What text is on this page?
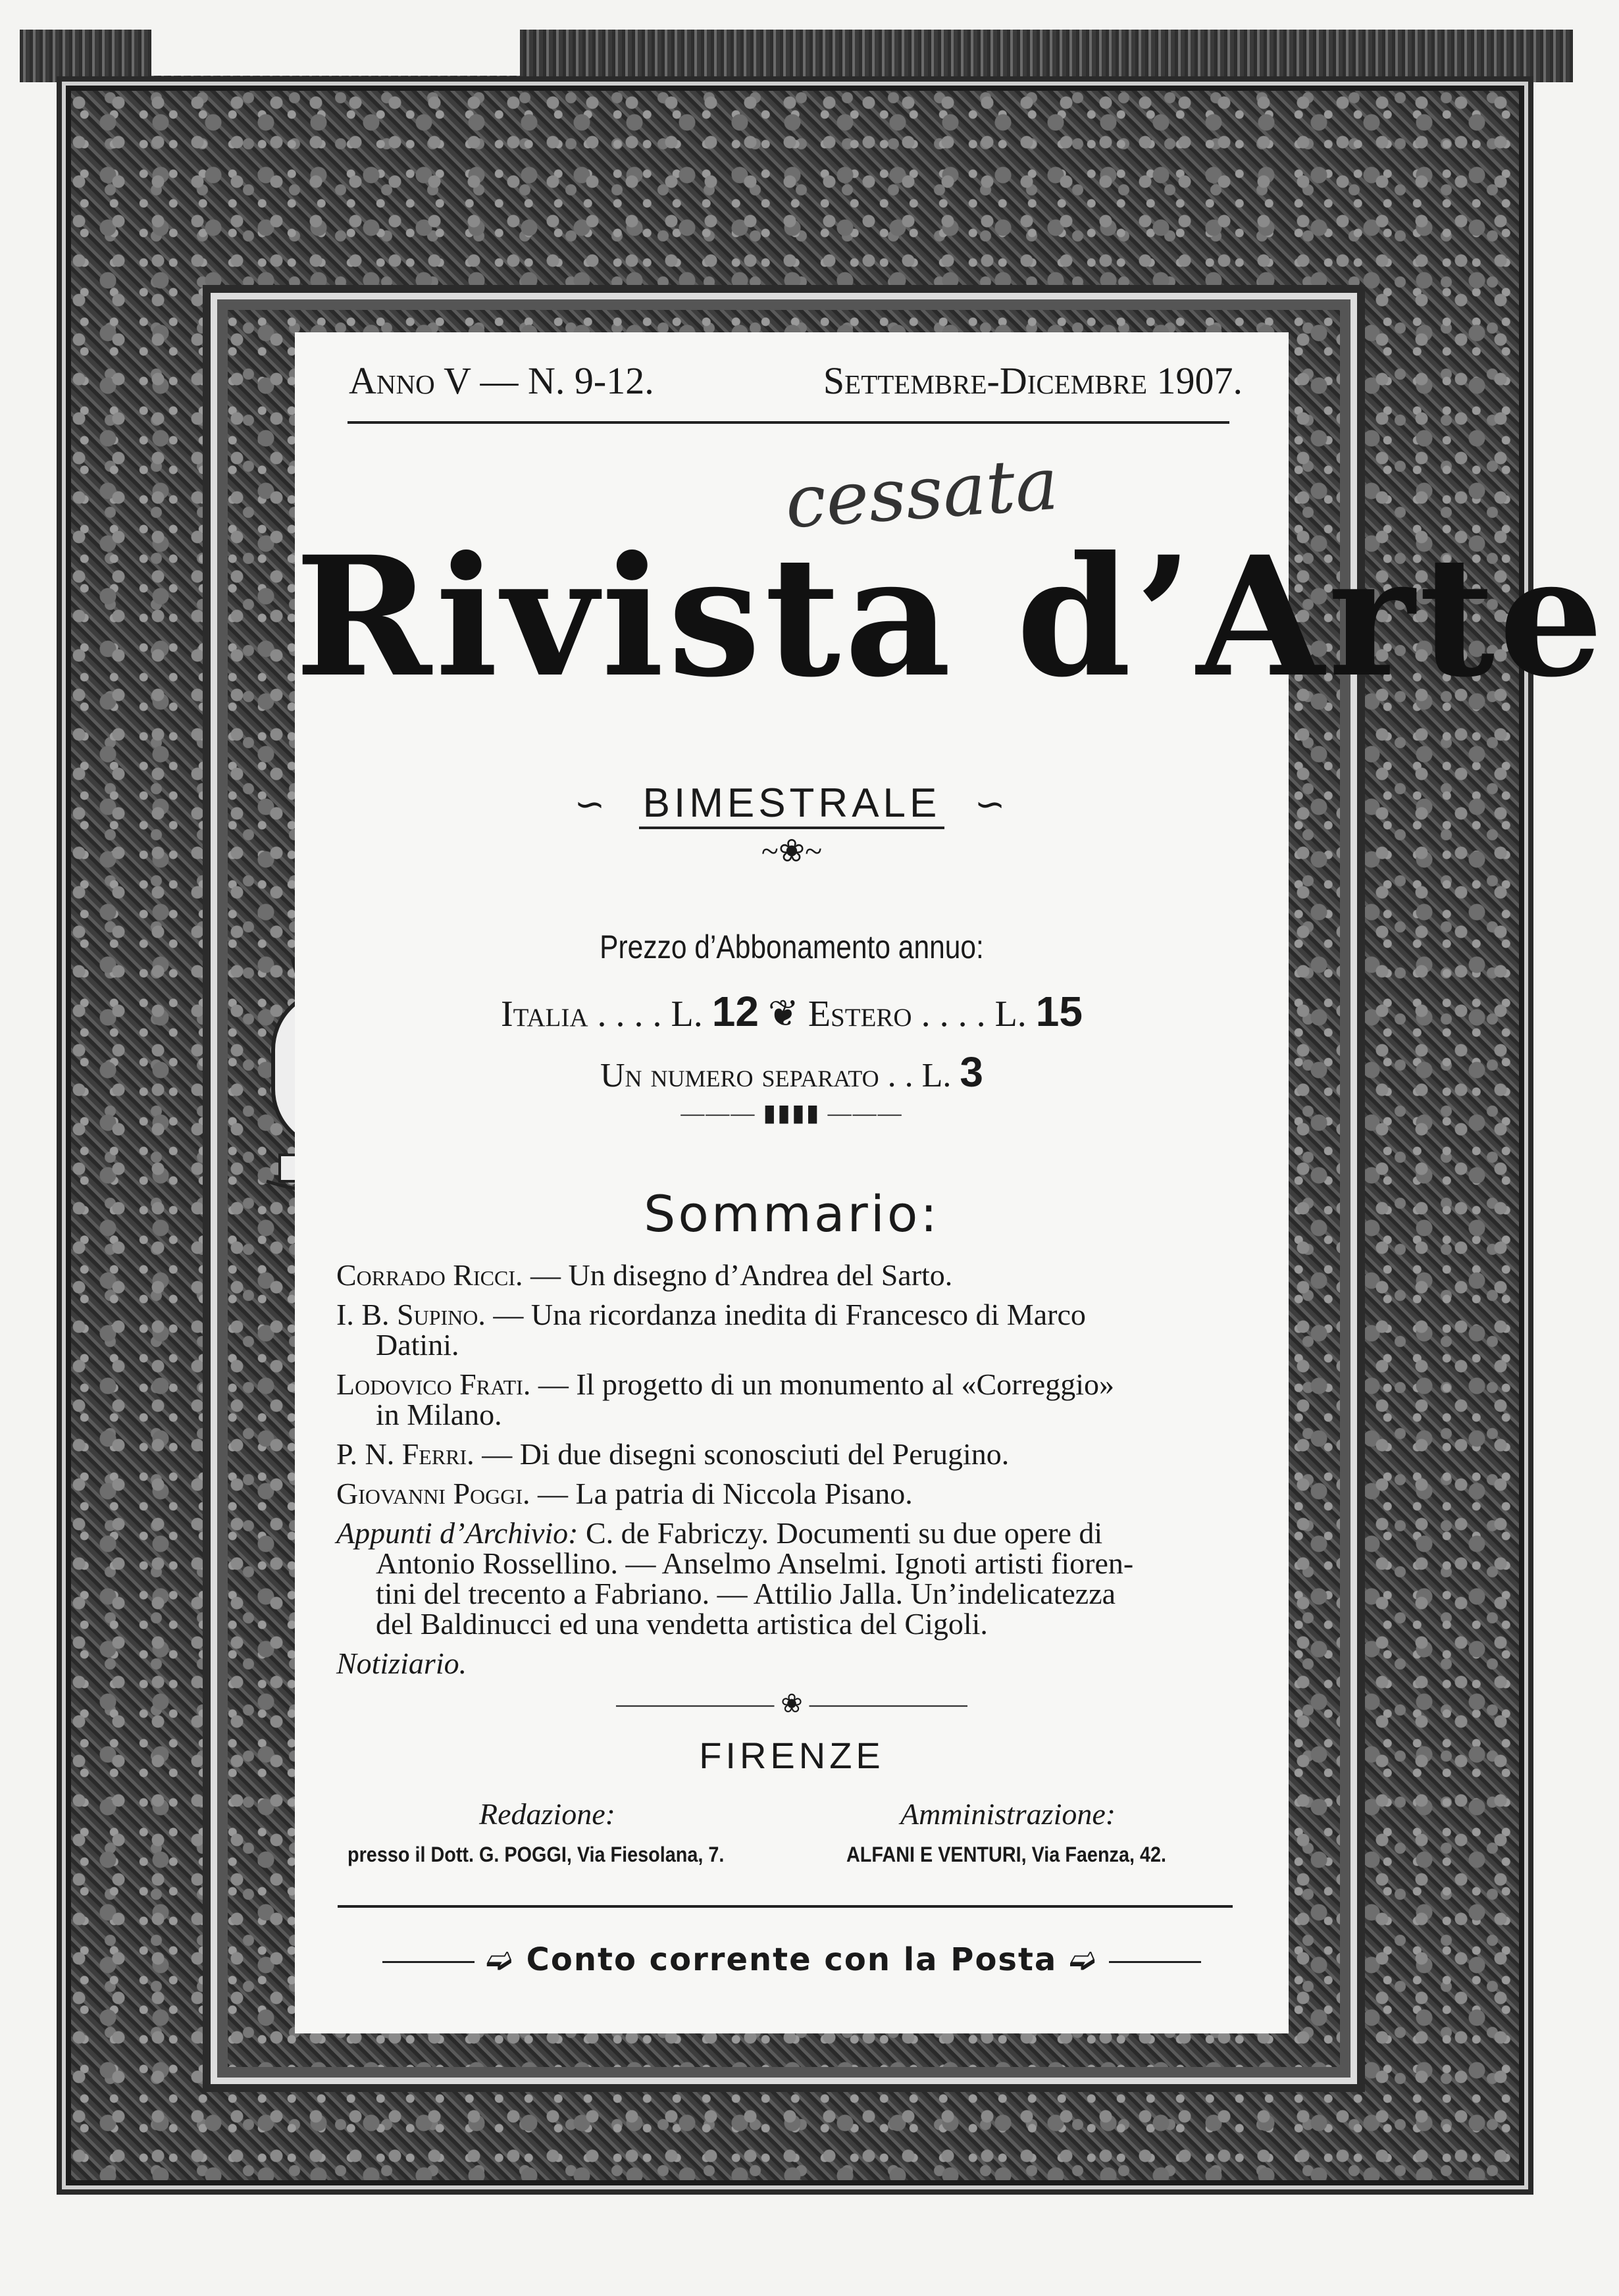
Anno V — N. 9-12.	Settembre-Dicembre 1907.
cessata
Rivista d’Arte
∽ BIMESTRALE ∽
~❀~
Prezzo d’Abbonamento annuo:
Italia . . . . L. 12 ❦ Estero . . . . L. 15
Un numero separato . . L. 3
——— ▮▮▮▮ ———
Sommario:
Corrado Ricci. — Un disegno d’Andrea del Sarto.
I. B. Supino. — Una ricordanza inedita di Francesco di Marco
Datini.
Lodovico Frati. — Il progetto di un monumento al «Correggio»
in Milano.
P. N. Ferri. — Di due disegni sconosciuti del Perugino.
Giovanni Poggi. — La patria di Niccola Pisano.
Appunti d’Archivio: C. de Fabriczy. Documenti su due opere di
Antonio Rossellino. — Anselmo Anselmi. Ignoti artisti fioren-
tini del trecento a Fabriano. — Attilio Jalla. Un’indelicatezza
del Baldinucci ed una vendetta artistica del Cigoli.
Notiziario.
—————— ❀ ——————
FIRENZE
Redazione:	Amministrazione:
presso il Dott. G. POGGI, Via Fiesolana, 7.	ALFANI E VENTURI, Via Faenza, 42.
➫ Conto corrente con la Posta ➫
